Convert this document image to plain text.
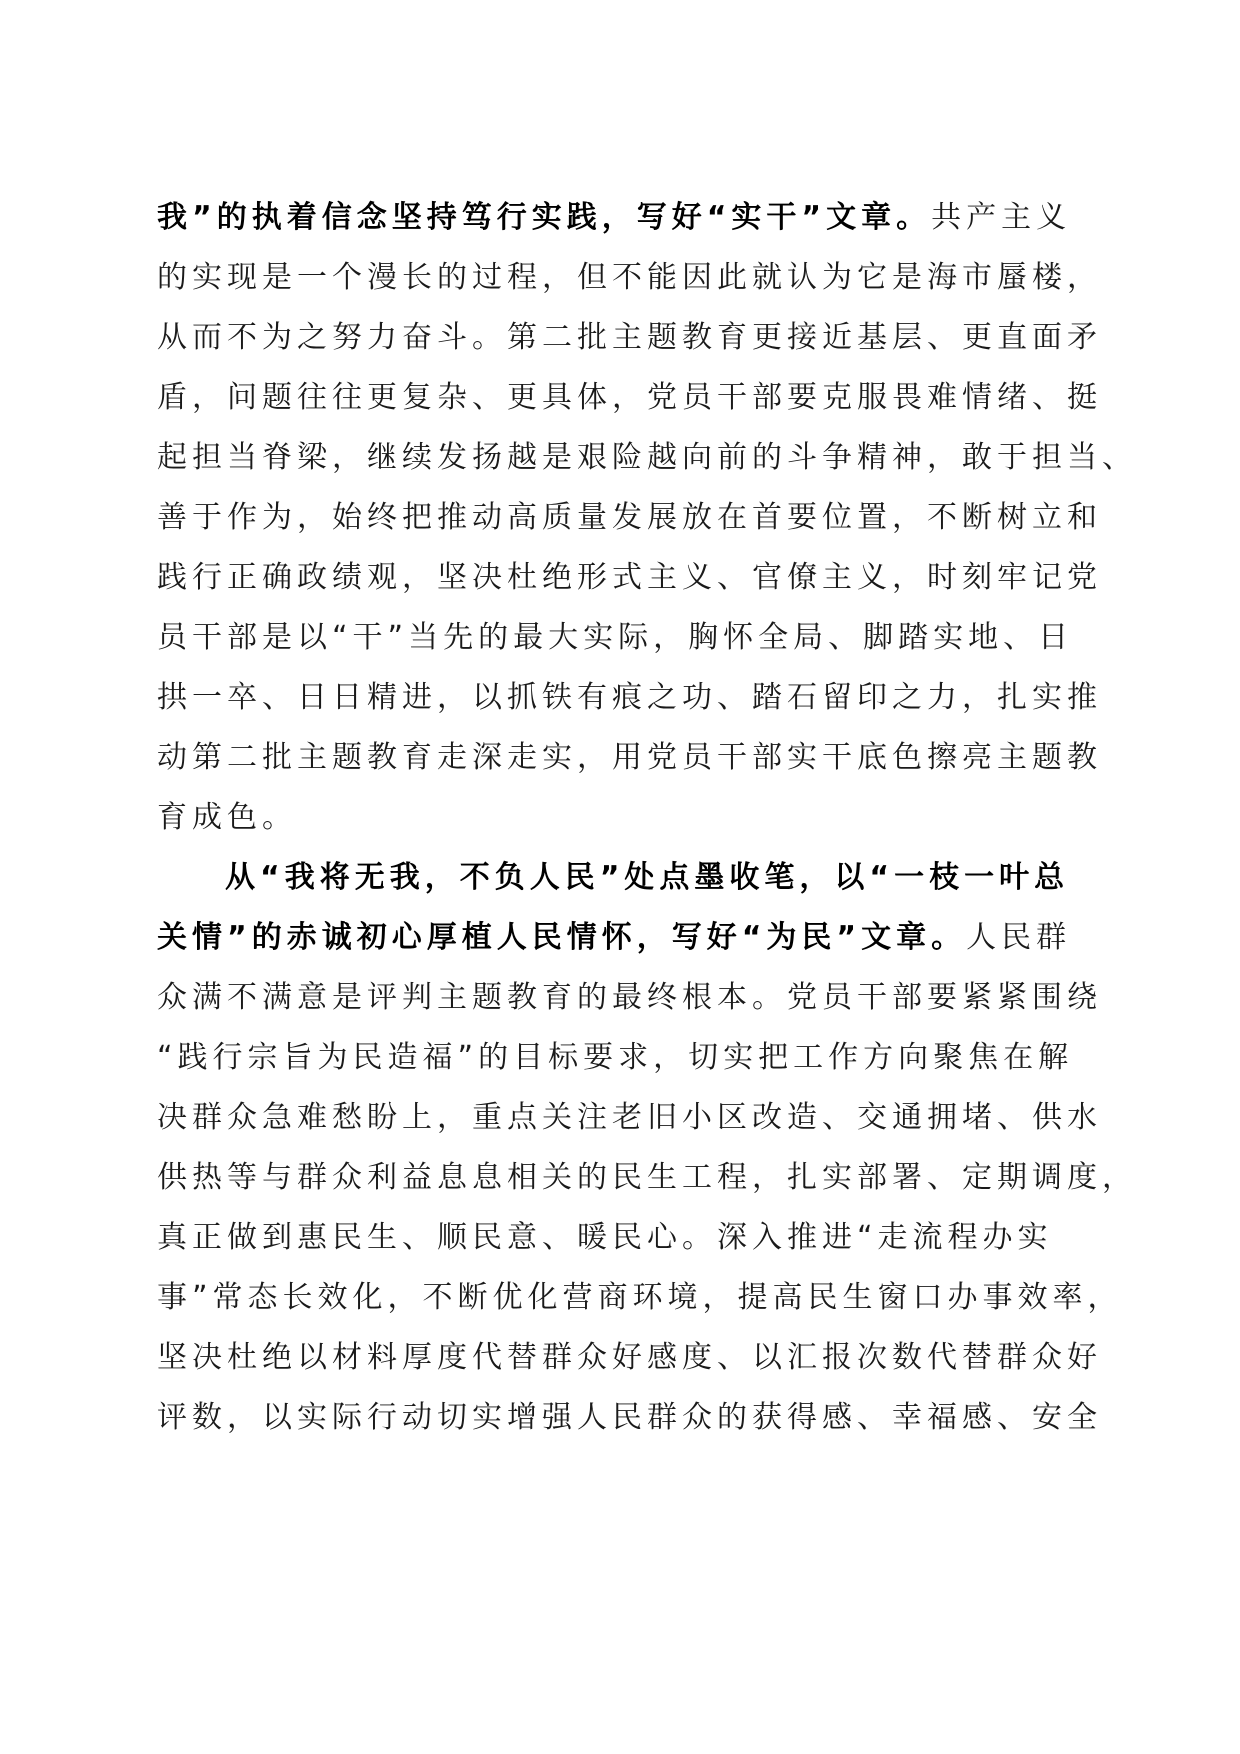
我”的执着信念坚持笃行实践，写好“实干”文章。共产主义
的实现是一个漫长的过程，但不能因此就认为它是海市蜃楼，
从而不为之努力奋斗。第二批主题教育更接近基层、更直面矛
盾，问题往往更复杂、更具体，党员干部要克服畏难情绪、挺
起担当脊梁，继续发扬越是艰险越向前的斗争精神，敢于担当、
善于作为，始终把推动高质量发展放在首要位置，不断树立和
践行正确政绩观，坚决杜绝形式主义、官僚主义，时刻牢记党
员干部是以“干”当先的最大实际，胸怀全局、脚踏实地、日
拱一卒、日日精进，以抓铁有痕之功、踏石留印之力，扎实推
动第二批主题教育走深走实，用党员干部实干底色擦亮主题教
育成色。
从“我将无我，不负人民”处点墨收笔，以“一枝一叶总
关情”的赤诚初心厚植人民情怀，写好“为民”文章。人民群
众满不满意是评判主题教育的最终根本。党员干部要紧紧围绕
“践行宗旨为民造福”的目标要求，切实把工作方向聚焦在解
决群众急难愁盼上，重点关注老旧小区改造、交通拥堵、供水
供热等与群众利益息息相关的民生工程，扎实部署、定期调度，
真正做到惠民生、顺民意、暖民心。深入推进“走流程办实
事”常态长效化，不断优化营商环境，提高民生窗口办事效率，
坚决杜绝以材料厚度代替群众好感度、以汇报次数代替群众好
评数，以实际行动切实增强人民群众的获得感、幸福感、安全
